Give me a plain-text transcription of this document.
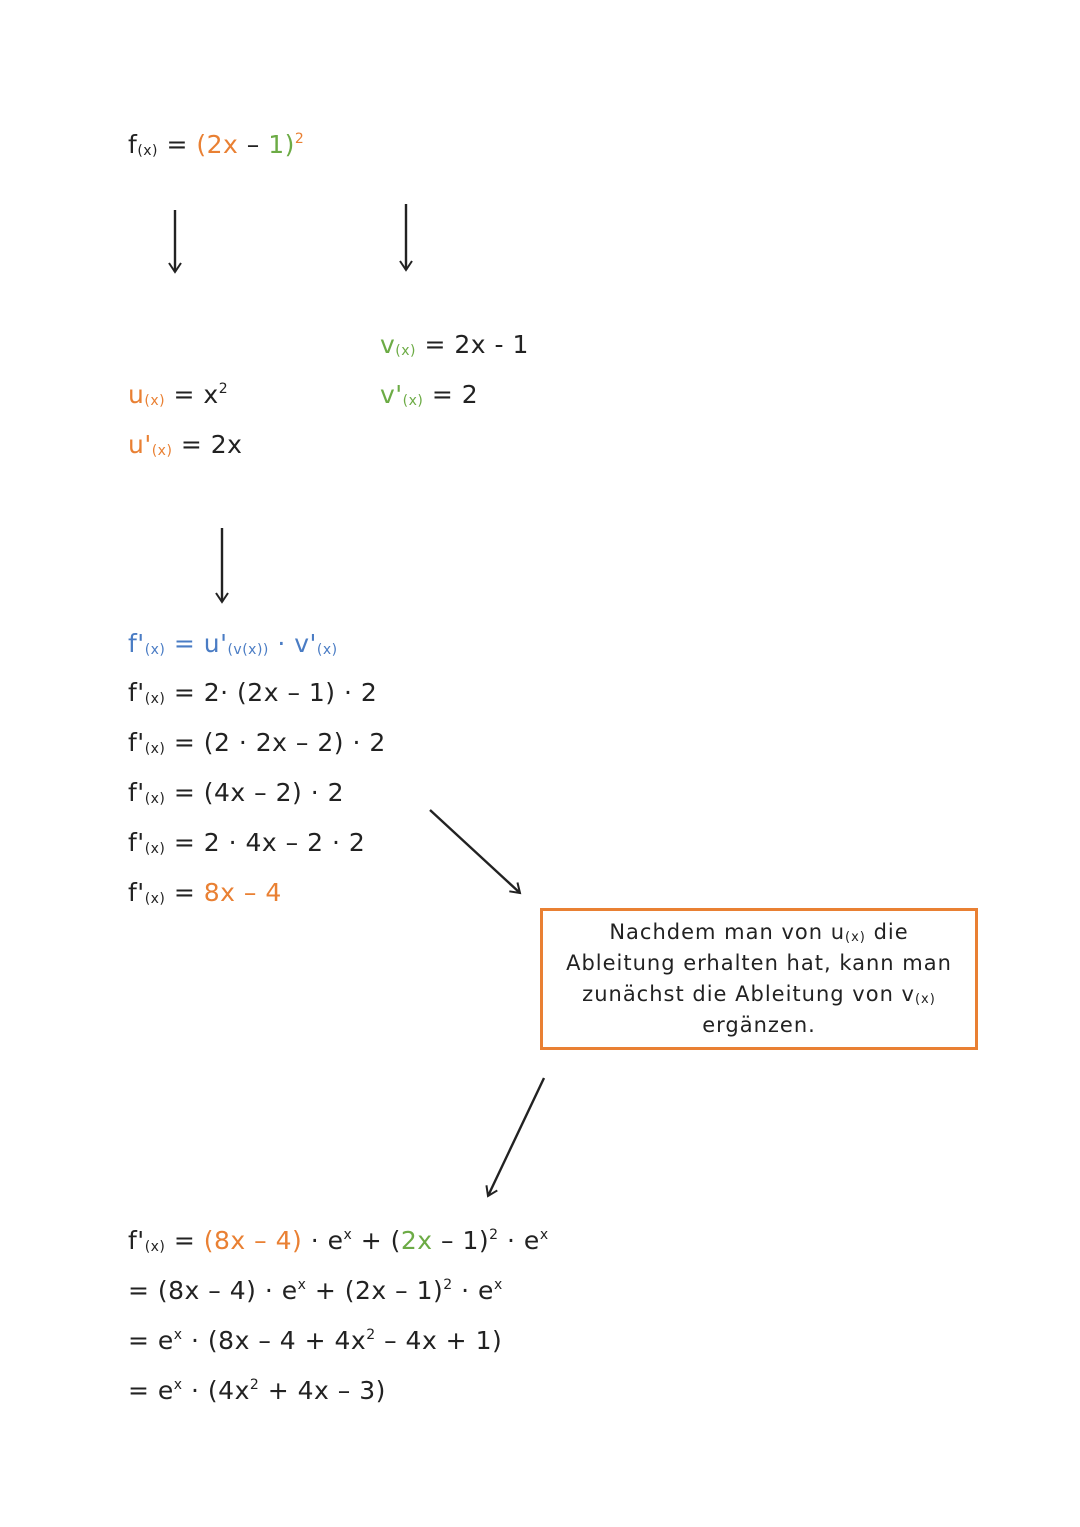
$f_{(x)} = (2x - 1)^2$
$v_{(x)} = 2x - 1$
$u_{(x)} = x^2$	$v'_{(x)} = 2$
$u'_{(x)} = 2x$
$f'_{(x)} = u'_{(v(x))} \cdot v'_{(x)}$
$f'_{(x)} = 2\cdot (2x - 1) \cdot 2$
$f'_{(x)} = (2 \cdot 2x - 2) \cdot 2$
$f'_{(x)} = (4x - 2) \cdot 2$
$f'_{(x)} = 2 \cdot 4x - 2 \cdot 2$
$f'_{(x)} = 8x - 4$
$f'_{(x)} = (8x - 4) \cdot e^x + (2x - 1)^2 \cdot e^x$
= $(8x - 4) \cdot e^x + (2x - 1)^2 \cdot e^x$
= $e^x \cdot (8x - 4 + 4x^2 - 4x + 1)$
= $e^x \cdot (4x^2 + 4x - 3)$
Nachdem man von $u_{(x)}$ die Ableitung erhalten hat, kann man zunächst die Ableitung von $v_{(x)}$ ergänzen.
